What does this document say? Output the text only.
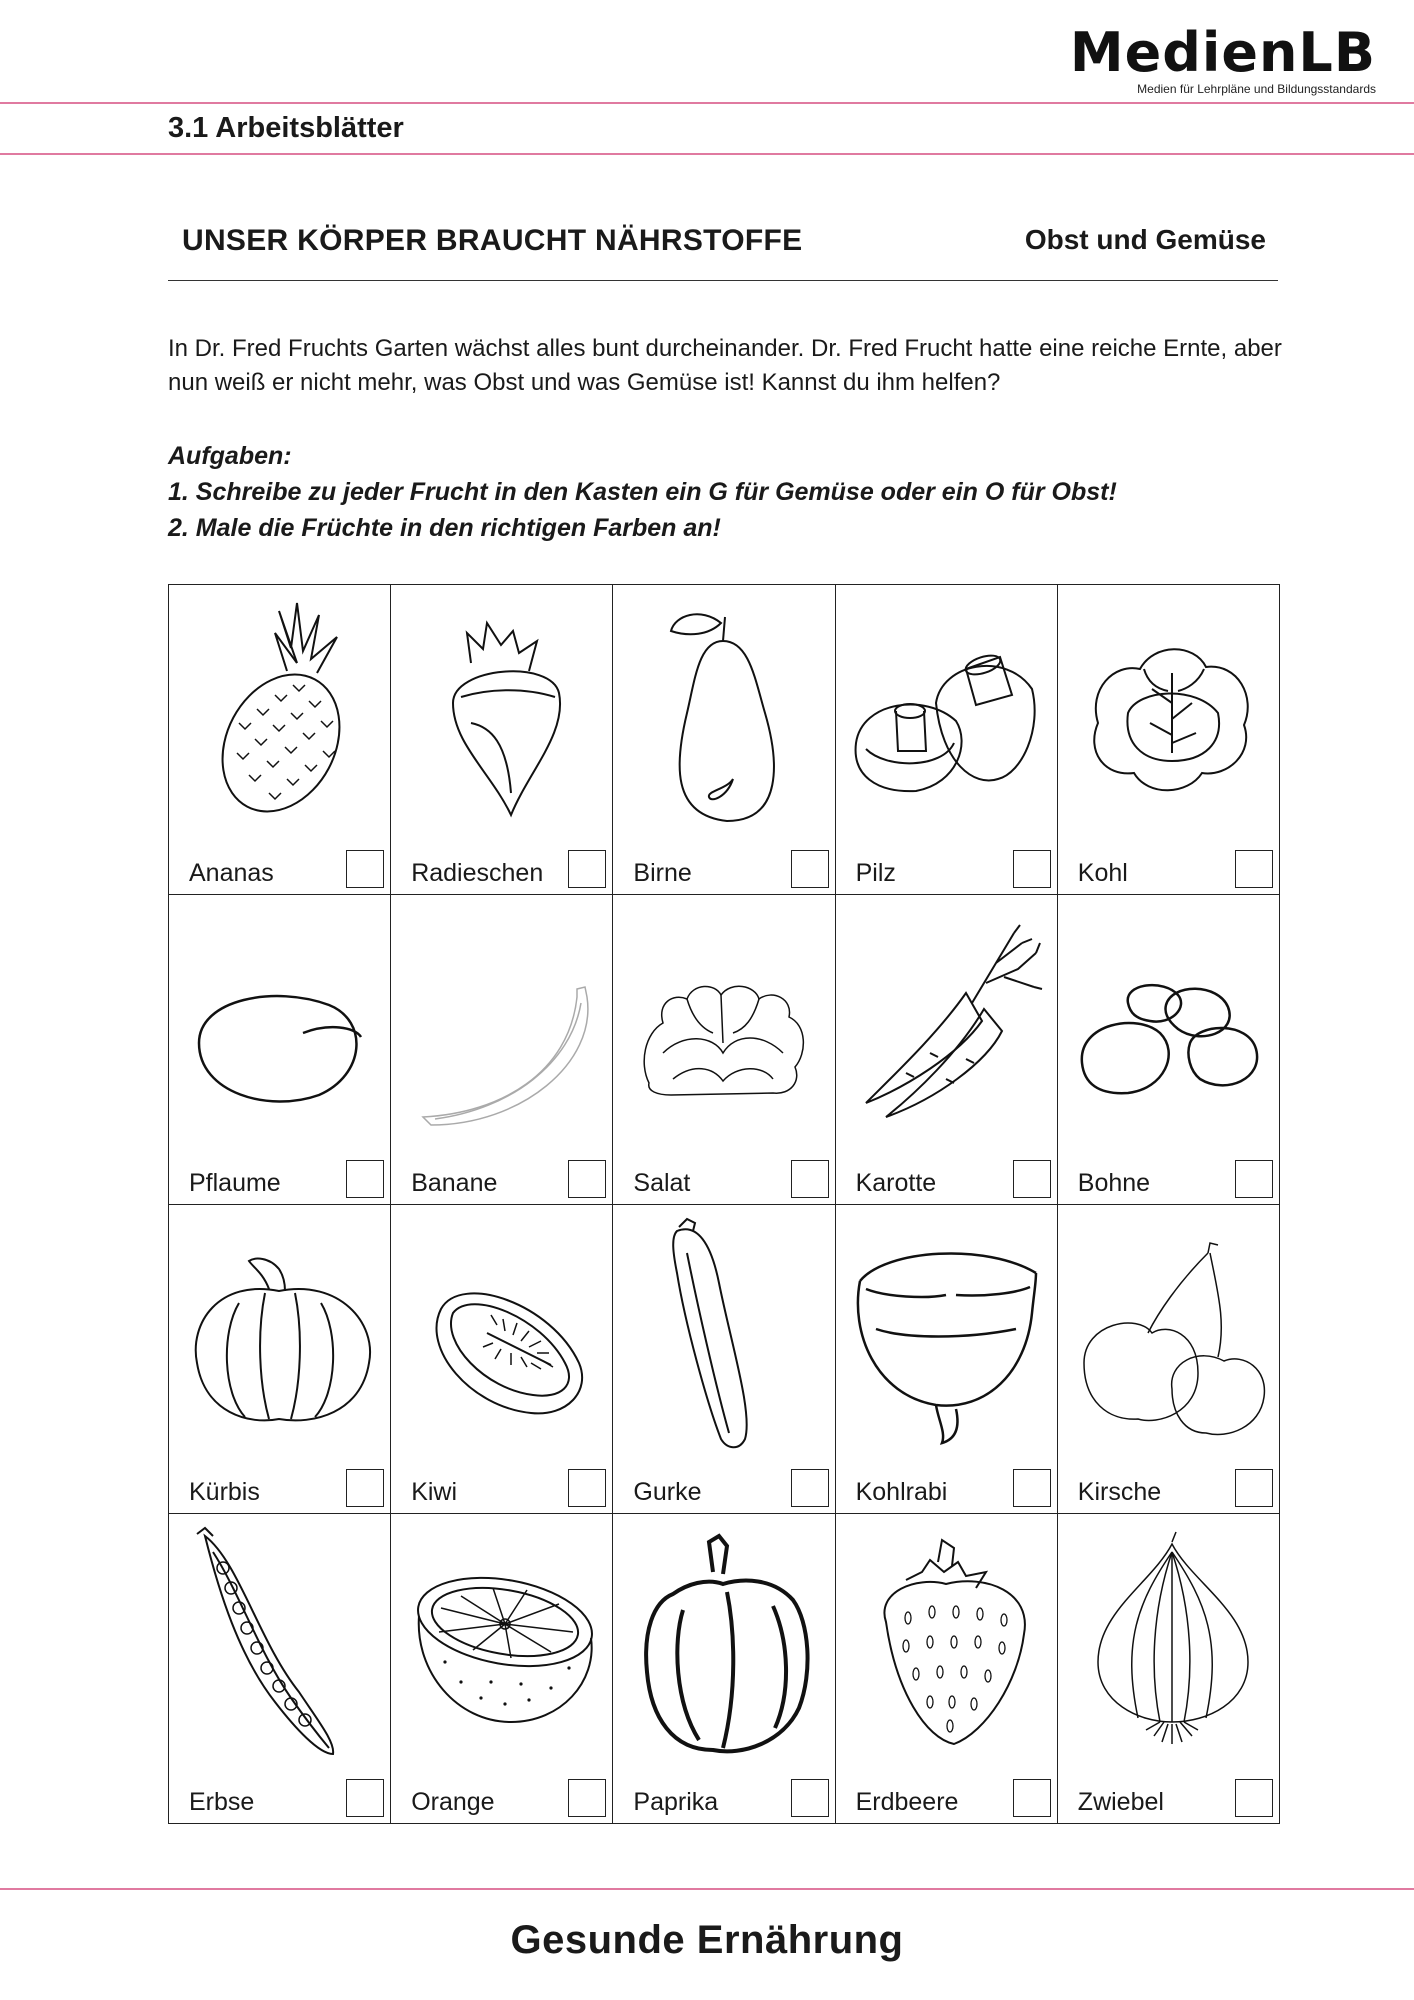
MedienLB
Medien für Lehrpläne und Bildungsstandards
3.1 Arbeitsblätter
UNSER KÖRPER BRAUCHT NÄHRSTOFFE	Obst und Gemüse

In Dr. Fred Fruchts Garten wächst alles bunt durcheinander. Dr. Fred Frucht hatte eine reiche Ernte, aber nun weiß er nicht mehr, was Obst und was Gemüse ist! Kannst du ihm helfen?

Aufgaben:
1. Schreibe zu jeder Frucht in den Kasten ein G für Gemüse oder ein O für Obst!
2. Male die Früchte in den richtigen Farben an!
Ananas	Radieschen	Birne	Pilz	Kohl
Pflaume	Banane	Salat	Karotte	Bohne
Kürbis	Kiwi	Gurke	Kohlrabi	Kirsche
Erbse	Orange	Paprika	Erdbeere	Zwiebel
Gesunde Ernährung
